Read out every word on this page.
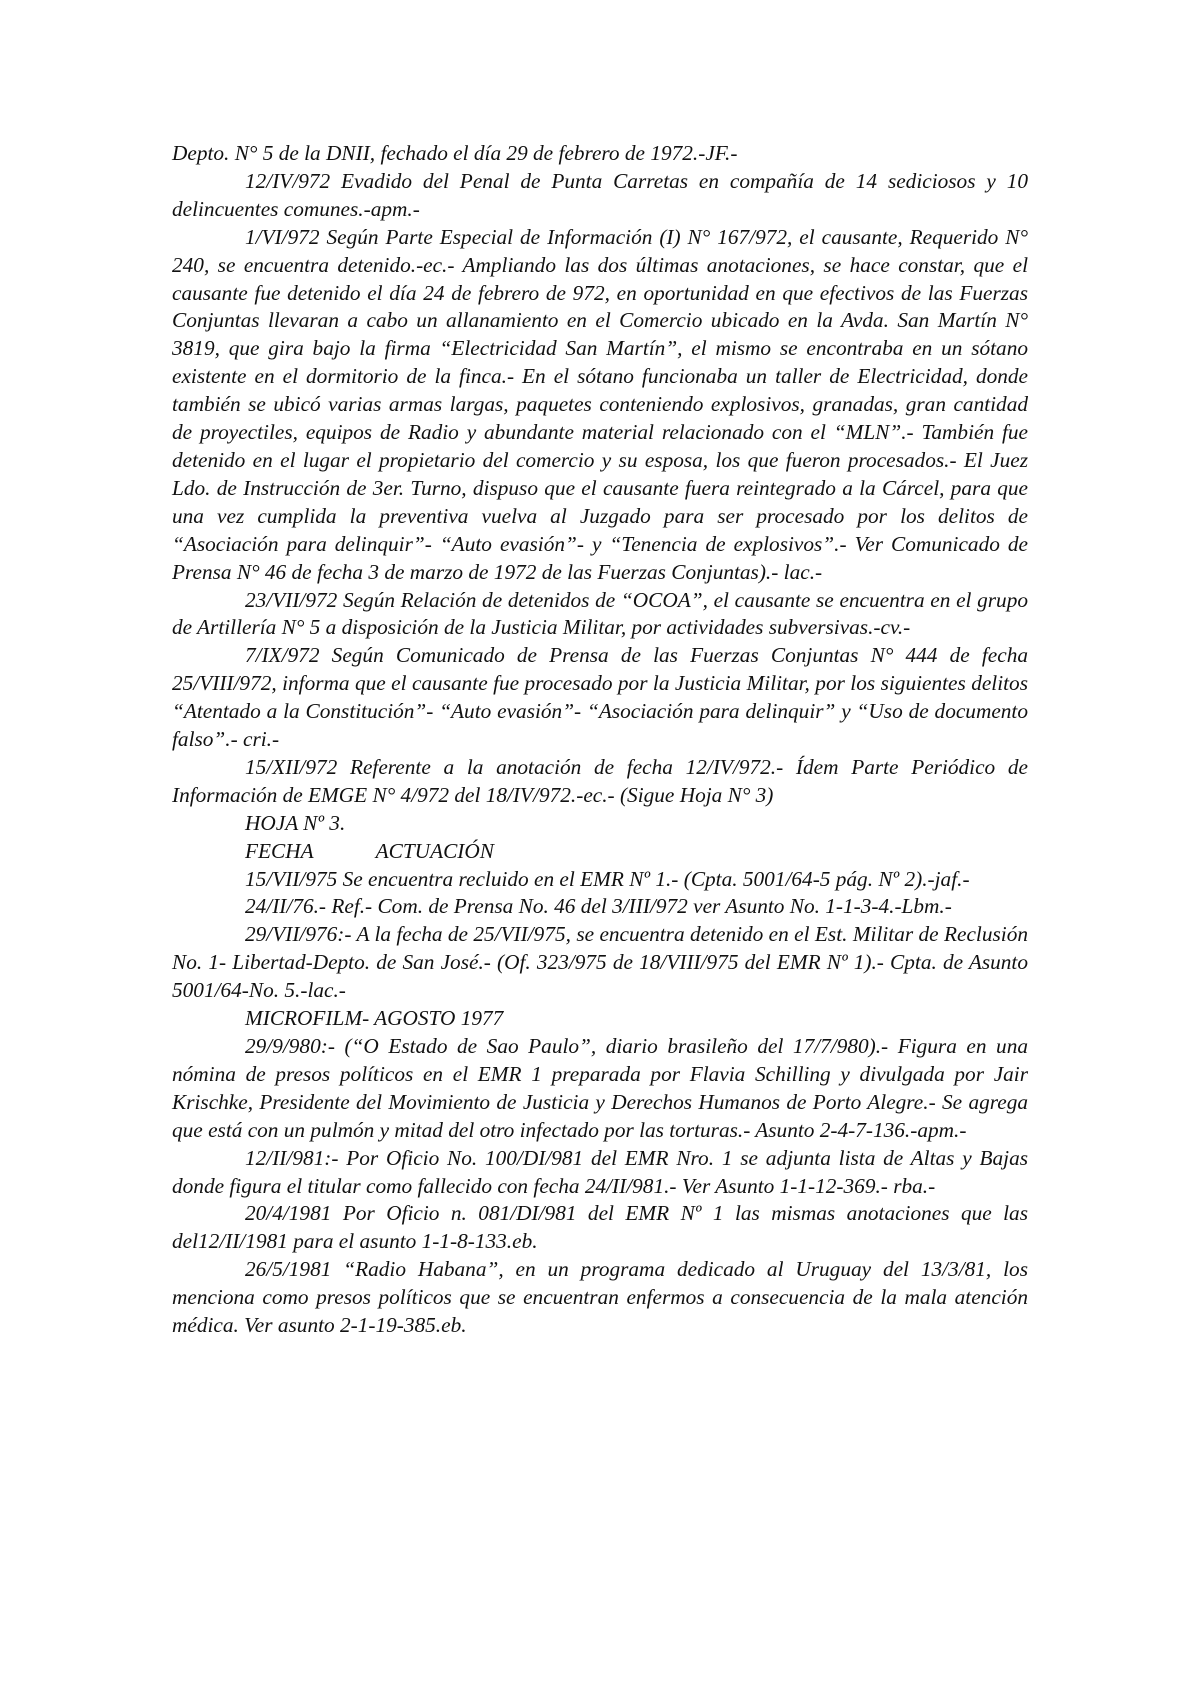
Depto. N° 5 de la DNII, fechado el día 29 de febrero de 1972.-JF.-

12/IV/972 Evadido del Penal de Punta Carretas en compañía de 14 sediciosos y 10 delincuentes comunes.-apm.-

1/VI/972 Según Parte Especial de Información (I) N° 167/972, el causante, Requerido N° 240, se encuentra detenido.-ec.- Ampliando las dos últimas anotaciones, se hace constar, que el causante fue detenido el día 24 de febrero de 972, en oportunidad en que efectivos de las Fuerzas Conjuntas llevaran a cabo un allanamiento en el Comercio ubicado en la Avda. San Martín N° 3819, que gira bajo la firma “Electricidad San Martín”, el mismo se encontraba en un sótano existente en el dormitorio de la finca.- En el sótano funcionaba un taller de Electricidad, donde también se ubicó varias armas largas, paquetes conteniendo explosivos, granadas, gran cantidad de proyectiles, equipos de Radio y abundante material relacionado con el “MLN”.- También fue detenido en el lugar el propietario del comercio y su esposa, los que fueron procesados.- El Juez Ldo. de Instrucción de 3er. Turno, dispuso que el causante fuera reintegrado a la Cárcel, para que una vez cumplida la preventiva vuelva al Juzgado para ser procesado por los delitos de “Asociación para delinquir”- “Auto evasión”- y “Tenencia de explosivos”.- Ver Comunicado de Prensa N° 46 de fecha 3 de marzo de 1972 de las Fuerzas Conjuntas).- lac.-

23/VII/972 Según Relación de detenidos de “OCOA”, el causante se encuentra en el grupo de Artillería N° 5 a disposición de la Justicia Militar, por actividades subversivas.-cv.-

7/IX/972 Según Comunicado de Prensa de las Fuerzas Conjuntas N° 444 de fecha 25/VIII/972, informa que el causante fue procesado por la Justicia Militar, por los siguientes delitos “Atentado a la Constitución”- “Auto evasión”- “Asociación para delinquir” y “Uso de documento falso”.- cri.-

15/XII/972 Referente a la anotación de fecha 12/IV/972.- Ídem Parte Periódico de Información de EMGE N° 4/972 del 18/IV/972.-ec.- (Sigue Hoja N° 3)

HOJA Nº 3.

FECHA	ACTUACIÓN

15/VII/975 Se encuentra recluido en el EMR Nº 1.- (Cpta. 5001/64-5 pág. Nº 2).-jaf.-

24/II/76.- Ref.- Com. de Prensa No. 46 del 3/III/972 ver Asunto No. 1-1-3-4.-Lbm.-

29/VII/976:- A la fecha de 25/VII/975, se encuentra detenido en el Est. Militar de Reclusión No. 1- Libertad-Depto. de San José.- (Of. 323/975 de 18/VIII/975 del EMR Nº 1).- Cpta. de Asunto 5001/64-No. 5.-lac.-

MICROFILM- AGOSTO 1977

29/9/980:- (“O Estado de Sao Paulo”, diario brasileño del 17/7/980).- Figura en una nómina de presos políticos en el EMR 1 preparada por Flavia Schilling y divulgada por Jair Krischke, Presidente del Movimiento de Justicia y Derechos Humanos de Porto Alegre.- Se agrega que está con un pulmón y mitad del otro infectado por las torturas.- Asunto 2-4-7-136.-apm.-

12/II/981:- Por Oficio No. 100/DI/981 del EMR Nro. 1 se adjunta lista de Altas y Bajas donde figura el titular como fallecido con fecha 24/II/981.- Ver Asunto 1-1-12-369.- rba.-

20/4/1981 Por Oficio n. 081/DI/981 del EMR Nº 1 las mismas anotaciones que las del12/II/1981 para el asunto 1-1-8-133.eb.

26/5/1981 “Radio Habana”, en un programa dedicado al Uruguay del 13/3/81, los menciona como presos políticos que se encuentran enfermos a consecuencia de la mala atención médica. Ver asunto 2-1-19-385.eb.
